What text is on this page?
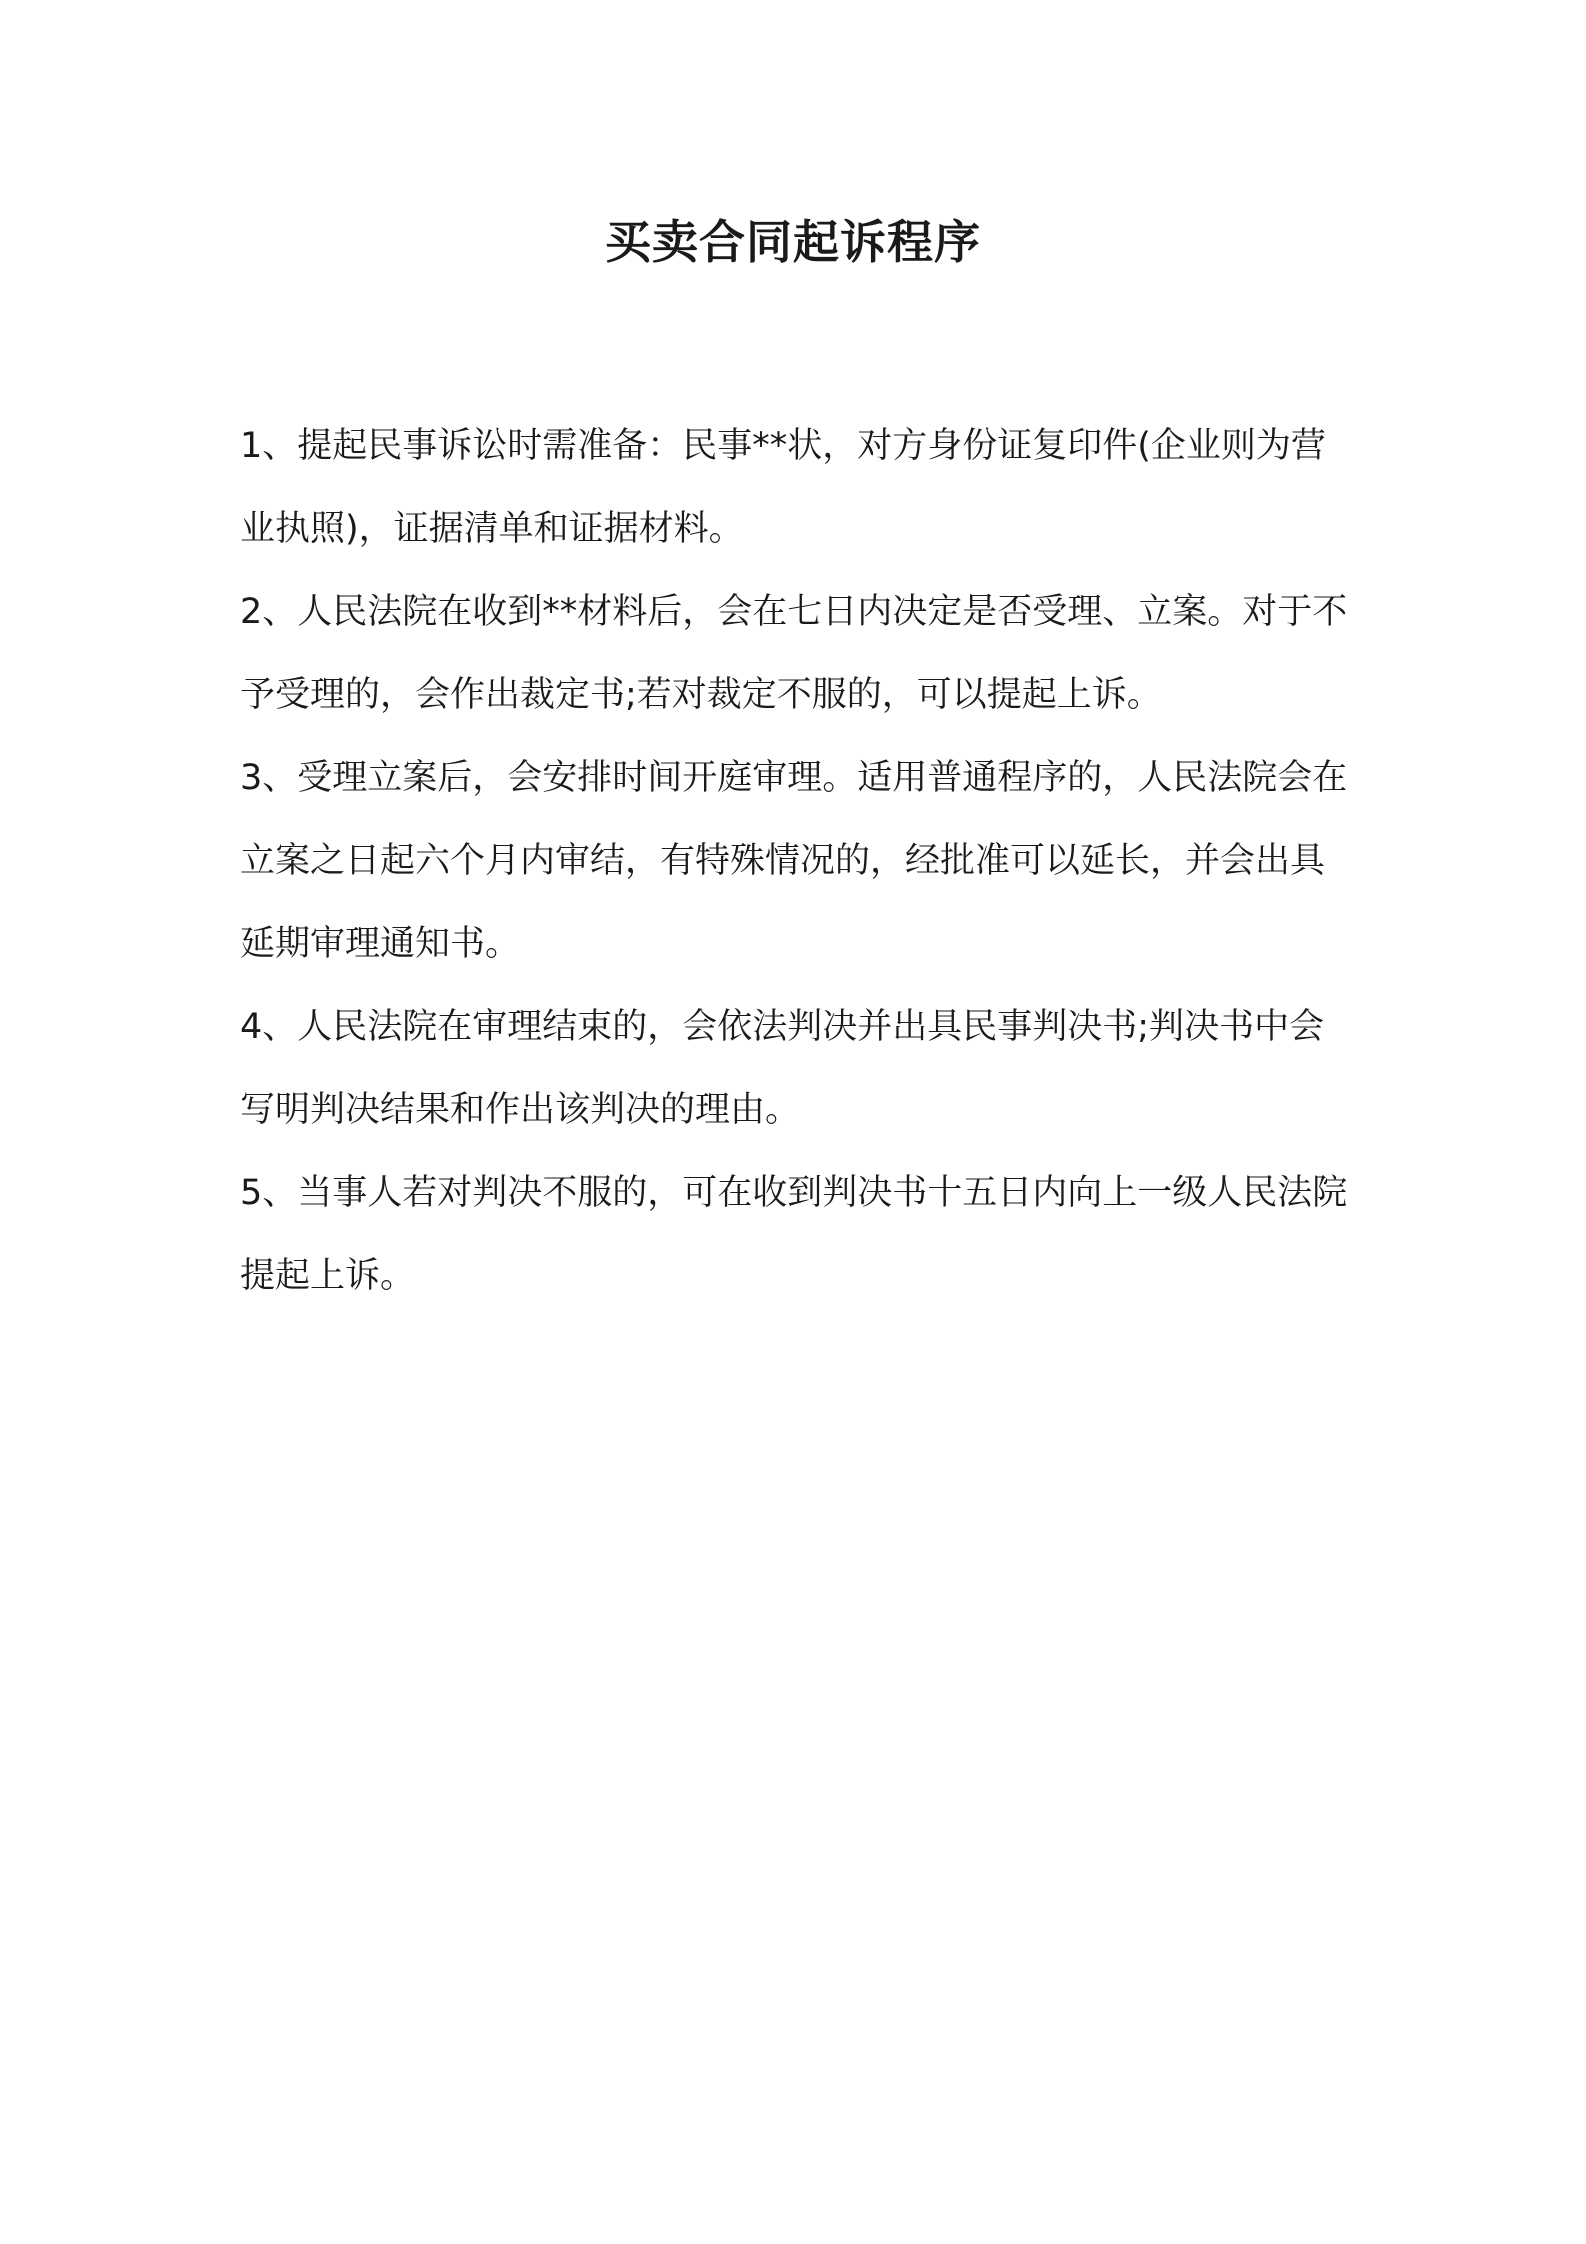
买卖合同起诉程序

1、提起民事诉讼时需准备：民事**状，对方身份证复印件(企业则为营业执照)，证据清单和证据材料。

2、人民法院在收到**材料后，会在七日内决定是否受理、立案。对于不予受理的，会作出裁定书;若对裁定不服的，可以提起上诉。

3、受理立案后，会安排时间开庭审理。适用普通程序的，人民法院会在立案之日起六个月内审结，有特殊情况的，经批准可以延长，并会出具延期审理通知书。

4、人民法院在审理结束的，会依法判决并出具民事判决书;判决书中会写明判决结果和作出该判决的理由。

5、当事人若对判决不服的，可在收到判决书十五日内向上一级人民法院提起上诉。
